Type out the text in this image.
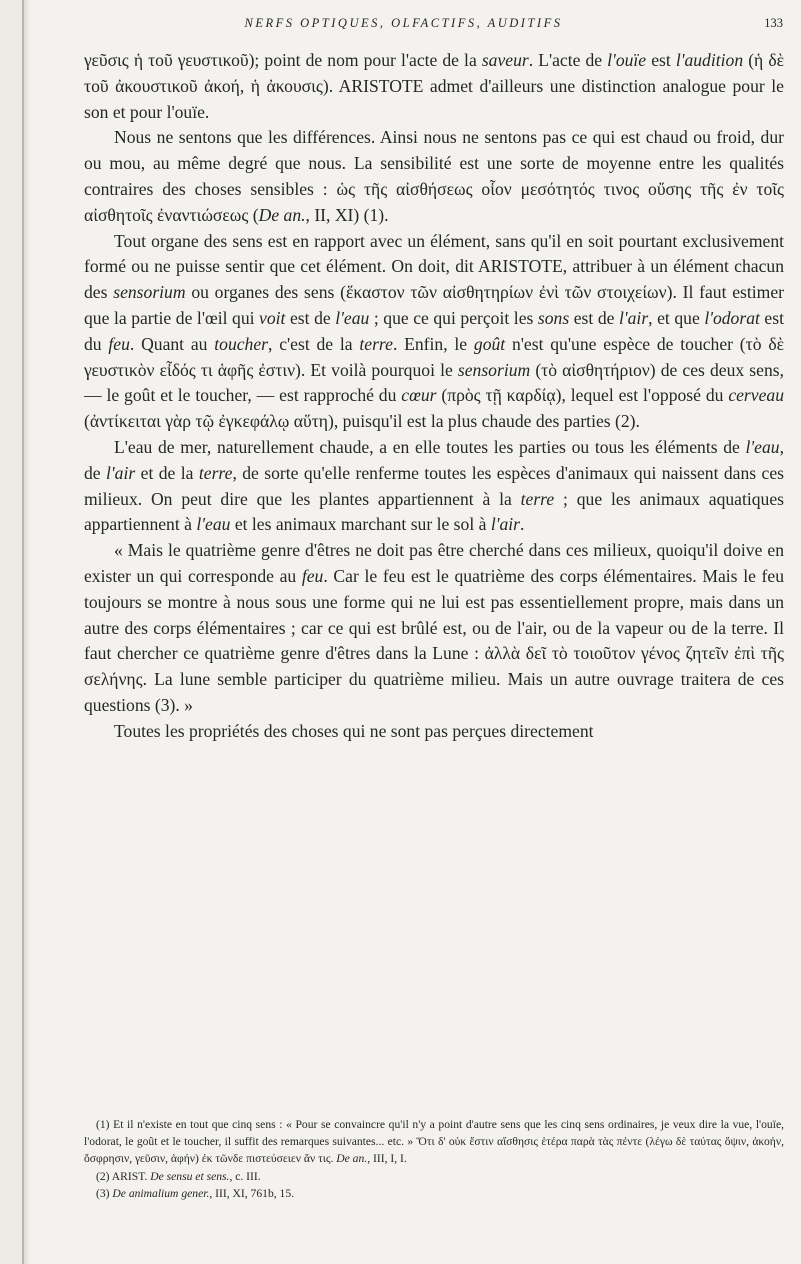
NERFS OPTIQUES, OLFACTIFS, AUDITIFS	133

γεῦσις ἡ τοῦ γευστικοῦ); point de nom pour l'acte de la saveur. L'acte de l'ouïe est l'audition (ἡ δὲ τοῦ ἀκουστικοῦ ἀκοή, ἡ ἀκουσις). ARISTOTE admet d'ailleurs une distinction analogue pour le son et pour l'ouïe.

Nous ne sentons que les différences. Ainsi nous ne sentons pas ce qui est chaud ou froid, dur ou mou, au même degré que nous. La sensibilité est une sorte de moyenne entre les qualités contraires des choses sensibles : ὡς τῆς αἰσθήσεως οἷον μεσότητός τινος οὔσης τῆς ἐν τοῖς αἰσθητοῖς ἐναντιώσεως (De an., II, XI) (1).

Tout organe des sens est en rapport avec un élément, sans qu'il en soit pourtant exclusivement formé ou ne puisse sentir que cet élément. On doit, dit ARISTOTE, attribuer à un élément chacun des sensorium ou organes des sens (ἕκαστον τῶν αἰσθητηρίων ἐνὶ τῶν στοιχείων). Il faut estimer que la partie de l'œil qui voit est de l'eau ; que ce qui perçoit les sons est de l'air, et que l'odorat est du feu. Quant au toucher, c'est de la terre. Enfin, le goût n'est qu'une espèce de toucher (τὸ δὲ γευστικὸν εἶδός τι ἁφῆς ἐστιν). Et voilà pourquoi le sensorium (τὸ αἰσθητήριον) de ces deux sens, — le goût et le toucher, — est rapproché du cœur (πρὸς τῇ καρδίᾳ), lequel est l'opposé du cerveau (ἀντίκειται γὰρ τῷ ἐγκεφάλῳ αὕτη), puisqu'il est la plus chaude des parties (2).

L'eau de mer, naturellement chaude, a en elle toutes les parties ou tous les éléments de l'eau, de l'air et de la terre, de sorte qu'elle renferme toutes les espèces d'animaux qui naissent dans ces milieux. On peut dire que les plantes appartiennent à la terre ; que les animaux aquatiques appartiennent à l'eau et les animaux marchant sur le sol à l'air.

« Mais le quatrième genre d'êtres ne doit pas être cherché dans ces milieux, quoiqu'il doive en exister un qui corresponde au feu. Car le feu est le quatrième des corps élémentaires. Mais le feu toujours se montre à nous sous une forme qui ne lui est pas essentiellement propre, mais dans un autre des corps élémentaires ; car ce qui est brûlé est, ou de l'air, ou de la vapeur ou de la terre. Il faut chercher ce quatrième genre d'êtres dans la Lune : ἀλλὰ δεῖ τὸ τοιοῦτον γένος ζητεῖν ἐπὶ τῆς σελήνης. La lune semble participer du quatrième milieu. Mais un autre ouvrage traitera de ces questions (3). »

Toutes les propriétés des choses qui ne sont pas perçues directement

(1) Et il n'existe en tout que cinq sens : « Pour se convaincre qu'il n'y a point d'autre sens que les cinq sens ordinaires, je veux dire la vue, l'ouïe, l'odorat, le goût et le toucher, il suffit des remarques suivantes... etc. » Ὅτι δ' οὐκ ἔστιν αἴσθησις ἑτέρα παρὰ τὰς πέντε (λέγω δὲ ταύτας ὄψιν, ἀκοήν, ὄσφρησιν, γεῦσιν, ἁφήν) ἐκ τῶνδε πιστεύσειεν ἄν τις. De an., III, I, I.

(2) ARIST. De sensu et sens., c. III.

(3) De animalium gener., III, XI, 761b, 15.
